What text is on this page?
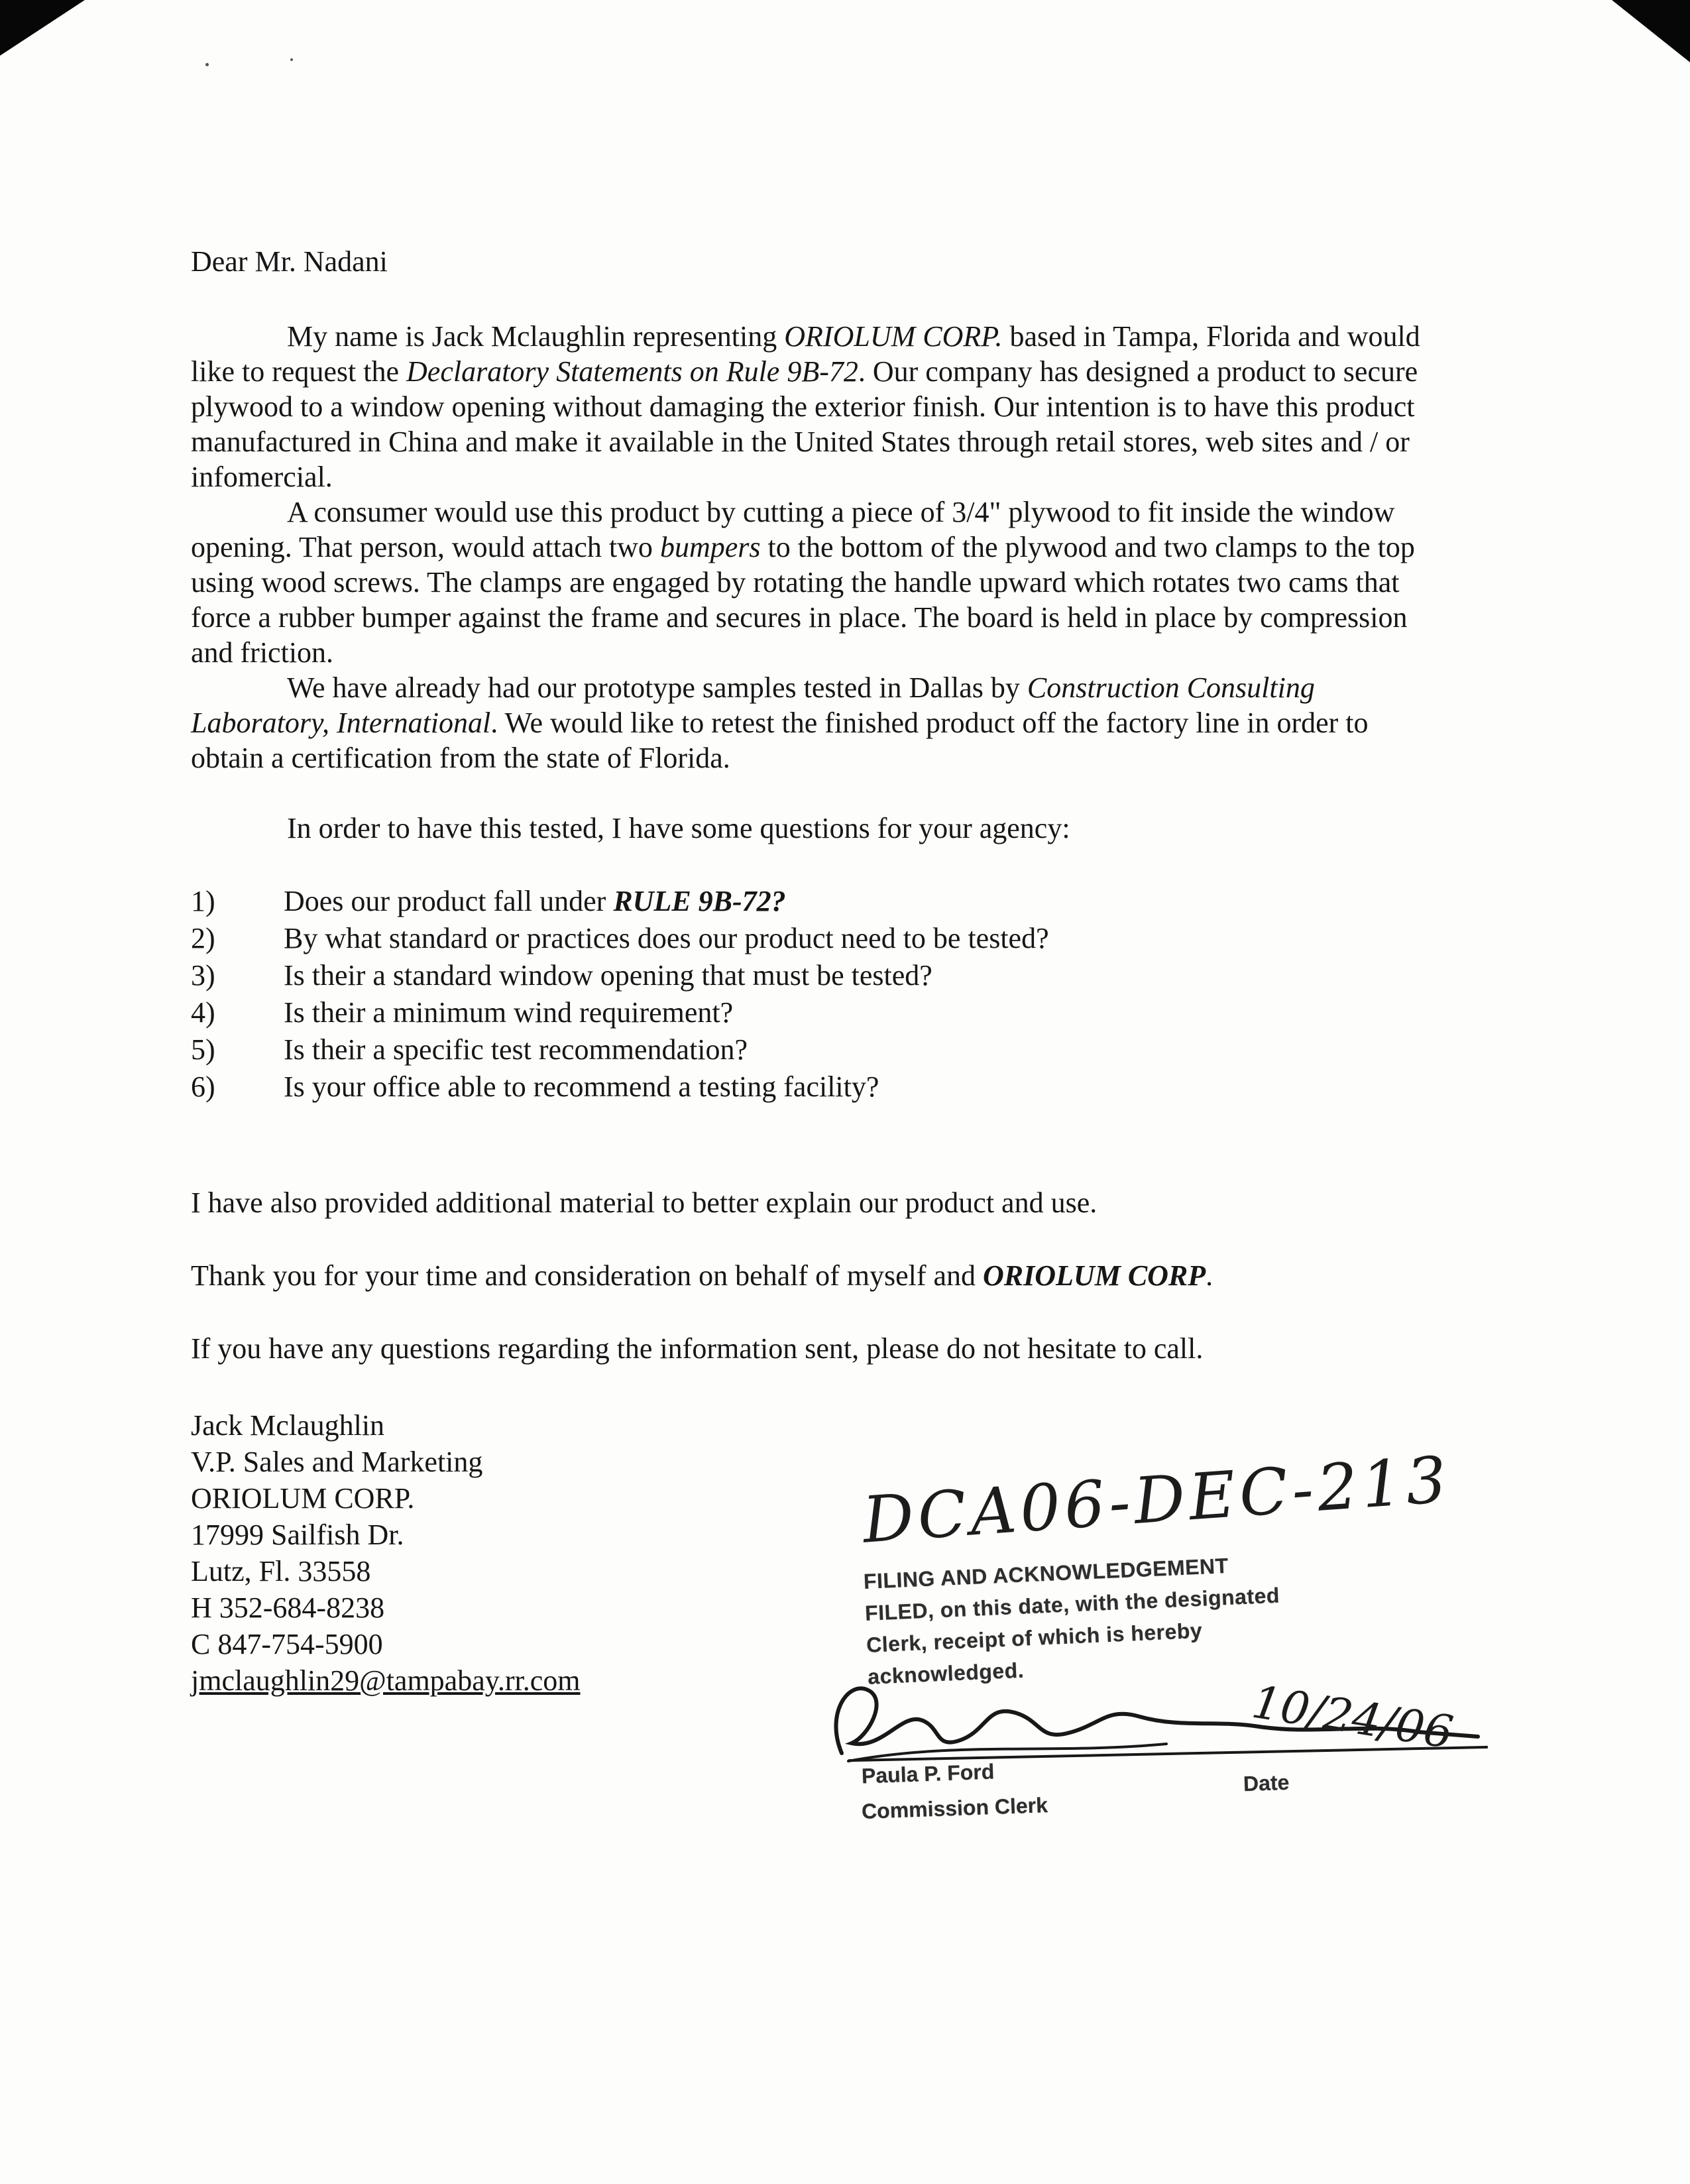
Dear Mr. Nadani

My name is Jack Mclaughlin representing ORIOLUM CORP. based in Tampa, Florida and would like to request the Declaratory Statements on Rule 9B-72. Our company has designed a product to secure plywood to a window opening without damaging the exterior finish. Our intention is to have this product manufactured in China and make it available in the United States through retail stores, web sites and / or infomercial.

A consumer would use this product by cutting a piece of 3/4" plywood to fit inside the window opening. That person, would attach two bumpers to the bottom of the plywood and two clamps to the top using wood screws. The clamps are engaged by rotating the handle upward which rotates two cams that force a rubber bumper against the frame and secures in place. The board is held in place by compression and friction.

We have already had our prototype samples tested in Dallas by Construction Consulting Laboratory, International. We would like to retest the finished product off the factory line in order to obtain a certification from the state of Florida.

In order to have this tested, I have some questions for your agency:

1)	Does our product fall under RULE 9B-72?
2)	By what standard or practices does our product need to be tested?
3)	Is their a standard window opening that must be tested?
4)	Is their a minimum wind requirement?
5)	Is their a specific test recommendation?
6)	Is your office able to recommend a testing facility?

I have also provided additional material to better explain our product and use.

Thank you for your time and consideration on behalf of myself and ORIOLUM CORP.

If you have any questions regarding the information sent, please do not hesitate to call.

Jack Mclaughlin
V.P. Sales and Marketing
ORIOLUM CORP.
17999 Sailfish Dr.
Lutz, Fl. 33558
H 352-684-8238
C 847-754-5900
jmclaughlin29@tampabay.rr.com
DCA06-DEC-213
FILING AND ACKNOWLEDGEMENT
FILED, on this date, with the designated
Clerk, receipt of which is hereby
acknowledged.
10/24/06
Paula P. Ford
Commission Clerk
Date
